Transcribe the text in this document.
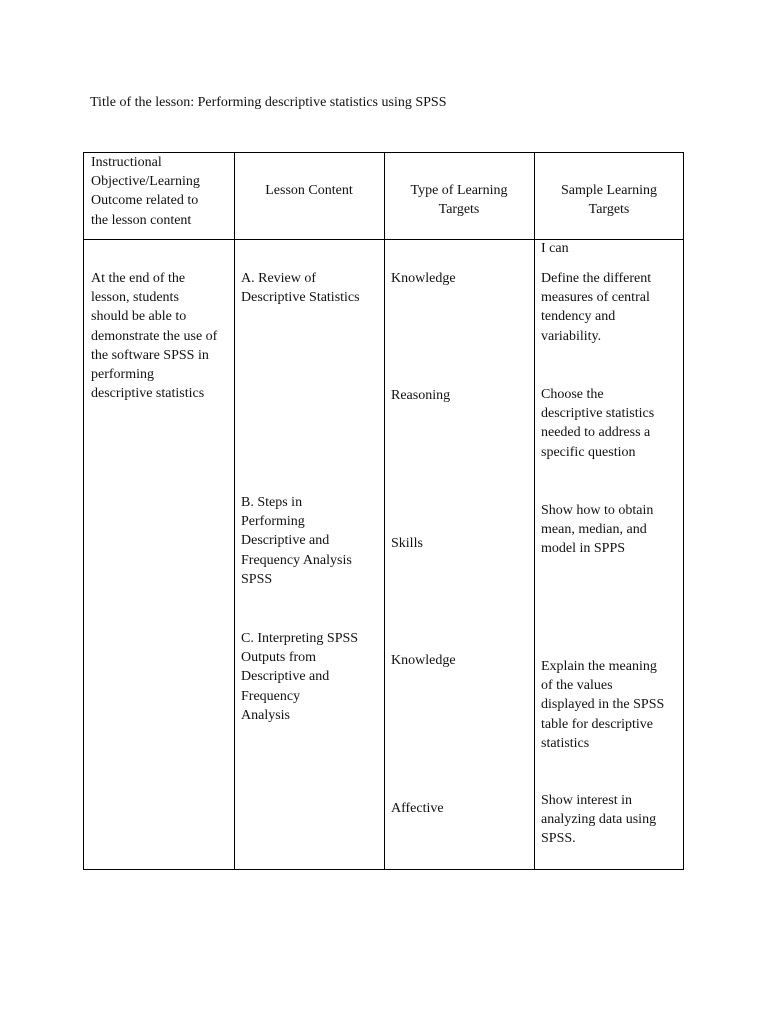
Title of the lesson: Performing descriptive statistics using SPSS
Instructional
Objective/Learning
Outcome related to
the lesson content
Lesson Content	Type of Learning
Targets
Sample Learning
Targets
At the end of the
lesson, students
should be able to
demonstrate the use of
the software SPSS in
performing
descriptive statistics
A. Review of
Descriptive Statistics
B. Steps in
Performing
Descriptive and
Frequency Analysis
SPSS
C. Interpreting SPSS
Outputs from
Descriptive and
Frequency
Analysis
Knowledge
Reasoning
Skills
Knowledge
Affective
I can
Define the different
measures of central
tendency and
variability.
Choose the
descriptive statistics
needed to address a
specific question
Show how to obtain
mean, median, and
model in SPPS
Explain the meaning
of the values
displayed in the SPSS
table for descriptive
statistics
Show interest in
analyzing data using
SPSS.
